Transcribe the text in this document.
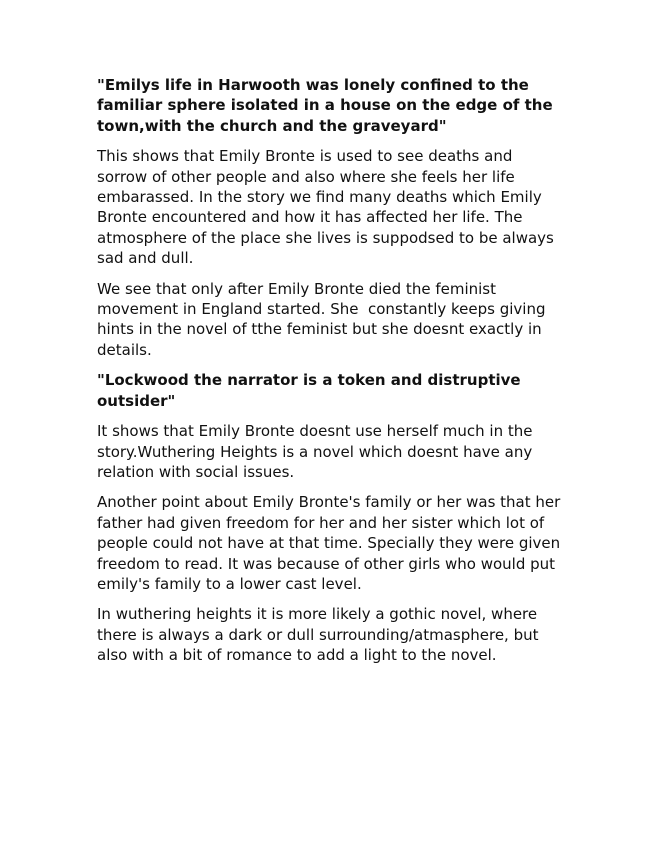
"Emilys life in Harwooth was lonely confined to the familiar sphere isolated in a house on the edge of the town,with the church and the graveyard"

This shows that Emily Bronte is used to see deaths and sorrow of other people and also where she feels her life embarassed. In the story we find many deaths which Emily Bronte encountered and how it has affected her life. The atmosphere of the place she lives is suppodsed to be always sad and dull.

We see that only after Emily Bronte died the feminist movement in England started. She  constantly keeps giving hints in the novel of tthe feminist but she doesnt exactly in details.

"Lockwood the narrator is a token and distruptive outsider"

It shows that Emily Bronte doesnt use herself much in the story.Wuthering Heights is a novel which doesnt have any relation with social issues.

Another point about Emily Bronte's family or her was that her father had given freedom for her and her sister which lot of people could not have at that time. Specially they were given freedom to read. It was because of other girls who would put emily's family to a lower cast level.

In wuthering heights it is more likely a gothic novel, where there is always a dark or dull surrounding/atmasphere, but also with a bit of romance to add a light to the novel.
